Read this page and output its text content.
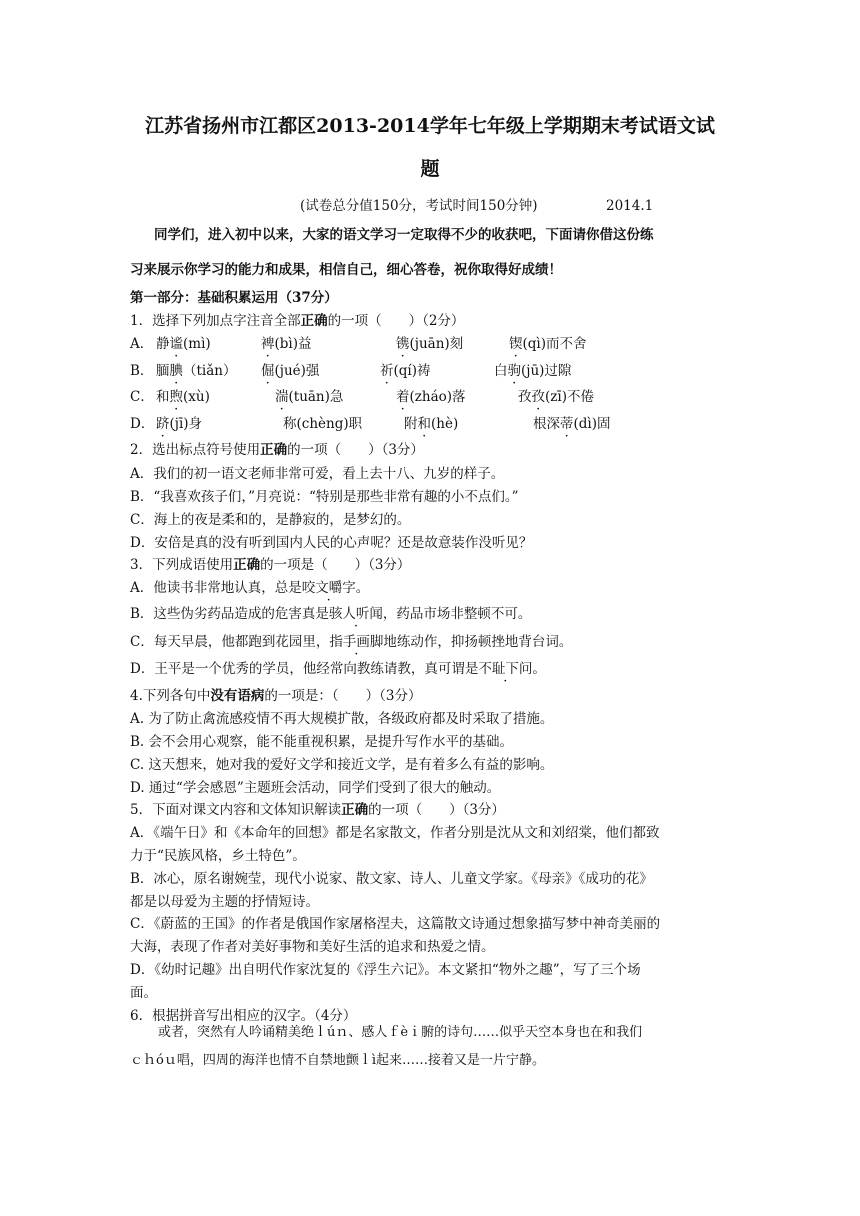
江苏省扬州市江都区2013-2014学年七年级上学期期末考试语文试
题
(试卷总分值150分，考试时间150分钟)	2014.1
同学们，进入初中以来，大家的语文学习一定取得不少的收获吧，下面请你借这份练
习来展示你学习的能力和成果，相信自己，细心答卷，祝你取得好成绩！
第一部分：基础积累运用（37分）
1．选择下列加点字注音全部正确的一项（　　）（2分）
A． 静谧(mì)	裨(bì)益	镌(juān)刻	锲(qì)而不舍
B． 腼腆（tiǎn） 倔(jué)强	祈(qí)祷	白驹(jū)过隙
C． 和煦(xù)	湍(tuān)急	着(zháo)落	孜孜(zī)不倦
D． 跻(jī)身	称(chèng)职	附和(hè)	根深蒂(dì)固
2．选出标点符号使用正确的一项（　　）（3分）
A．我们的初一语文老师非常可爱，看上去十八、九岁的样子。
B．“我喜欢孩子们，”月亮说：“特别是那些非常有趣的小不点们。”
C．海上的夜是柔和的，是静寂的，是梦幻的。
D．安倍是真的没有听到国内人民的心声呢？还是故意装作没听见？
3．下列成语使用正确的一项是（　　）（3分）
A．他读书非常地认真，总是咬文嚼字。
B．这些伪劣药品造成的危害真是骇人听闻，药品市场非整顿不可。
C．每天早晨，他都跑到花园里，指手画脚地练动作，抑扬顿挫地背台词。
D．王平是一个优秀的学员，他经常向教练请教，真可谓是不耻下问。
4.下列各句中没有语病的一项是：（　　）（3分）
A. 为了防止禽流感疫情不再大规模扩散，各级政府都及时采取了措施。
B. 会不会用心观察，能不能重视积累，是提升写作水平的基础。
C. 这天想来，她对我的爱好文学和接近文学，是有着多么有益的影响。
D. 通过“学会感恩”主题班会活动，同学们受到了很大的触动。
5．下面对课文内容和文体知识解读正确的一项（　　）（3分）
A．《端午日》和《本命年的回想》都是名家散文，作者分别是沈从文和刘绍棠，他们都致
力于“民族风格，乡土特色”。
B．冰心，原名谢婉莹，现代小说家、散文家、诗人、儿童文学家。《母亲》《成功的花》
都是以母爱为主题的抒情短诗。
C．《蔚蓝的王国》的作者是俄国作家屠格涅夫，这篇散文诗通过想象描写梦中神奇美丽的
大海，表现了作者对美好事物和美好生活的追求和热爱之情。
D．《幼时记趣》出自明代作家沈复的《浮生六记》。本文紧扣“物外之趣”，写了三个场
面。
6．根据拼音写出相应的汉字。（4分）
或者，突然有人吟诵精美绝ｌúｎ、感人ｆèｉ腑的诗句……似乎天空本身也在和我们
ｃｈóｕ唱，四周的海洋也情不自禁地颤ｌì起来……接着又是一片宁静。
